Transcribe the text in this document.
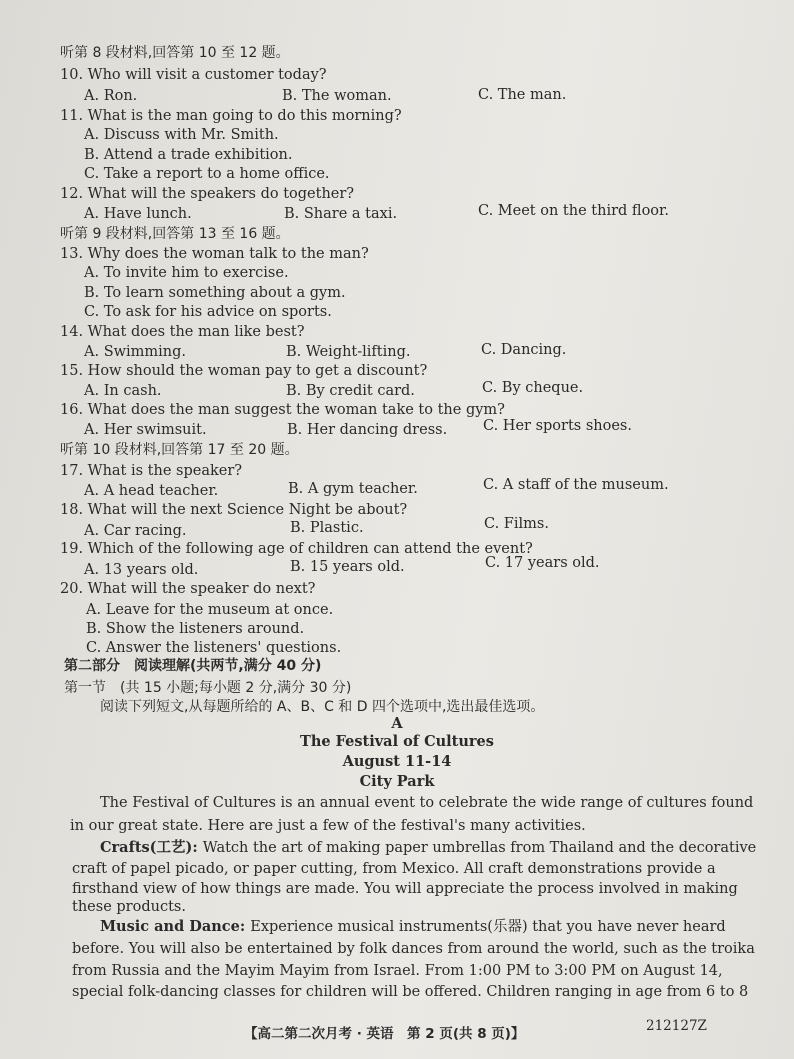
听第 8 段材料,回答第 10 至 12 题。
10. Who will visit a customer today?
A. Ron.	B. The woman.	C. The man.
11. What is the man going to do this morning?
A. Discuss with Mr. Smith.
B. Attend a trade exhibition.
C. Take a report to a home office.
12. What will the speakers do together?
A. Have lunch.	B. Share a taxi.	C. Meet on the third floor.
听第 9 段材料,回答第 13 至 16 题。
13. Why does the woman talk to the man?
A. To invite him to exercise.
B. To learn something about a gym.
C. To ask for his advice on sports.
14. What does the man like best?
A. Swimming.	B. Weight-lifting.	C. Dancing.
15. How should the woman pay to get a discount?
A. In cash.	B. By credit card.	C. By cheque.
16. What does the man suggest the woman take to the gym?
A. Her swimsuit.	B. Her dancing dress. C. Her sports shoes.
听第 10 段材料,回答第 17 至 20 题。
17. What is the speaker?
A. A head teacher.	B. A gym teacher.	C. A staff of the museum.
18. What will the next Science Night be about?
A. Car racing.	B. Plastic.	C. Films.
19. Which of the following age of children can attend the event?
A. 13 years old.	B. 15 years old.	C. 17 years old.
20. What will the speaker do next?
A. Leave for the museum at once.
B. Show the listeners around.
C. Answer the listeners' questions.
第二部分　阅读理解(共两节,满分 40 分)
第一节　(共 15 小题;每小题 2 分,满分 30 分)
阅读下列短文,从每题所给的 A、B、C 和 D 四个选项中,选出最佳选项。
A
The Festival of Cultures
August 11-14
City Park
The Festival of Cultures is an annual event to celebrate the wide range of cultures found
in our great state. Here are just a few of the festival's many activities.
Crafts(工艺): Watch the art of making paper umbrellas from Thailand and the decorative
craft of papel picado, or paper cutting, from Mexico. All craft demonstrations provide a
firsthand view of how things are made. You will appreciate the process involved in making
these products.
Music and Dance: Experience musical instruments(乐器) that you have never heard
before. You will also be entertained by folk dances from around the world, such as the troika
from Russia and the Mayim Mayim from Israel. From 1:00 PM to 3:00 PM on August 14,
special folk-dancing classes for children will be offered. Children ranging in age from 6 to 8
【高二第二次月考 · 英语　第 2 页(共 8 页)】	212127Z
